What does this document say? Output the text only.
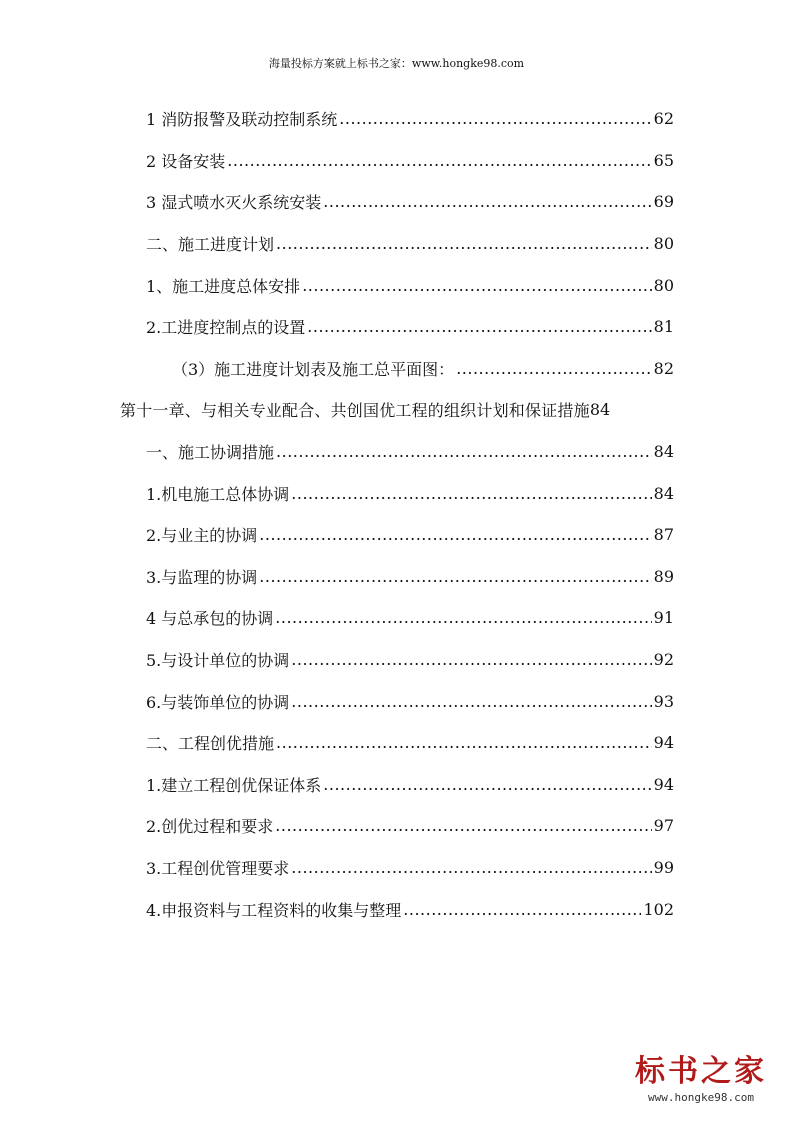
海量投标方案就上标书之家：www.hongke98.com
1 消防报警及联动控制系统 .....	62
2 设备安装 .....	65
3 湿式喷水灭火系统安装 .....	69
二、施工进度计划 .....	80
1、施工进度总体安排 .....	80
2.工进度控制点的设置 .....	81
（3）施工进度计划表及施工总平面图： .....	82
第十一章、与相关专业配合、共创国优工程的组织计划和保证措施 84
一、施工协调措施 .....	84
1.机电施工总体协调 .....	84
2.与业主的协调 .....	87
3.与监理的协调 .....	89
4 与总承包的协调 .....	91
5.与设计单位的协调 .....	92
6.与装饰单位的协调 .....	93
二、工程创优措施 .....	94
1.建立工程创优保证体系 .....	94
2.创优过程和要求 .....	97
3.工程创优管理要求 .....	99
4.申报资料与工程资料的收集与整理 .....	102
标书之家
www.hongke98.com
